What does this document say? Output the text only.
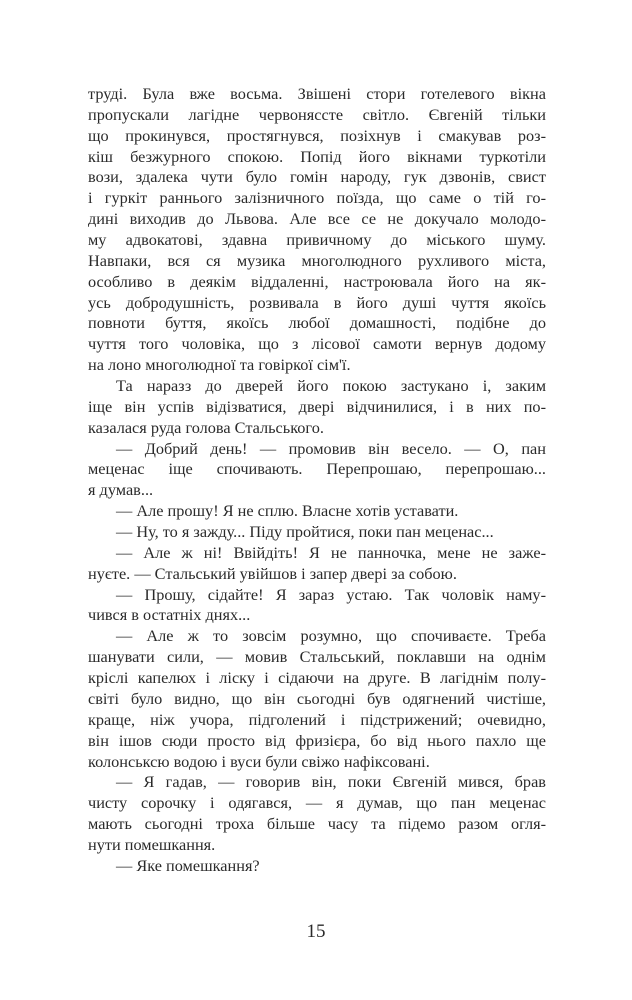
труді. Була вже восьма. Звішені стори готелевого вікна
пропускали лагідне червоняссте світло. Євгеній тільки
що прокинувся, простягнувся, позіхнув і смакував роз-
кіш безжурного спокою. Попід його вікнами туркотіли
вози, здалека чути було гомін народу, гук дзвонів, свист
і гуркіт раннього залізничного поїзда, що саме о тій го-
дині виходив до Львова. Але все се не докучало молодо-
му адвокатові, здавна привичному до міського шуму.
Навпаки, вся ся музика многолюдного рухливого міста,
особливо в деякім віддаленні, настроювала його на як-
усь добродушність, розвивала в його душі чуття якоїсь
повноти буття, якоїсь любої домашності, подібне до
чуття того чоловіка, що з лісової самоти вернув додому
на лоно многолюдної та говіркої сім'ї.
Та наразз до дверей його покою застукано і, заким
іще він успів відізватися, двері відчинилися, і в них по-
казалася руда голова Стальського.
— Добрий день! — промовив він весело. — О, пан
меценас іще спочивають. Перепрошаю, перепрошаю...
я думав...
— Але прошу! Я не сплю. Власне хотів уставати.
— Ну, то я зажду... Піду пройтися, поки пан меценас...
— Але ж ні! Ввійдіть! Я не панночка, мене не заже-
нуєте. — Стальський увійшов і запер двері за собою.
— Прошу, сідайте! Я зараз устаю. Так чоловік наму-
чився в остатніх днях...
— Але ж то зовсім розумно, що спочиваєте. Треба
шанувати сили, — мовив Стальський, поклавши на однім
кріслі капелюх і ліску і сідаючи на друге. В лагіднім полу-
світі було видно, що він сьогодні був одягнений чистіше,
краще, ніж учора, підголений і підстрижений; очевидно,
він ішов сюди просто від фризієра, бо від нього пахло ще
колонськсю водою і вуси були свіжо нафіксовані.
— Я гадав, — говорив він, поки Євгеній мився, брав
чисту сорочку і одягався, — я думав, що пан меценас
мають сьогодні троха більше часу та підемо разом огля-
нути помешкання.
— Яке помешкання?
15
